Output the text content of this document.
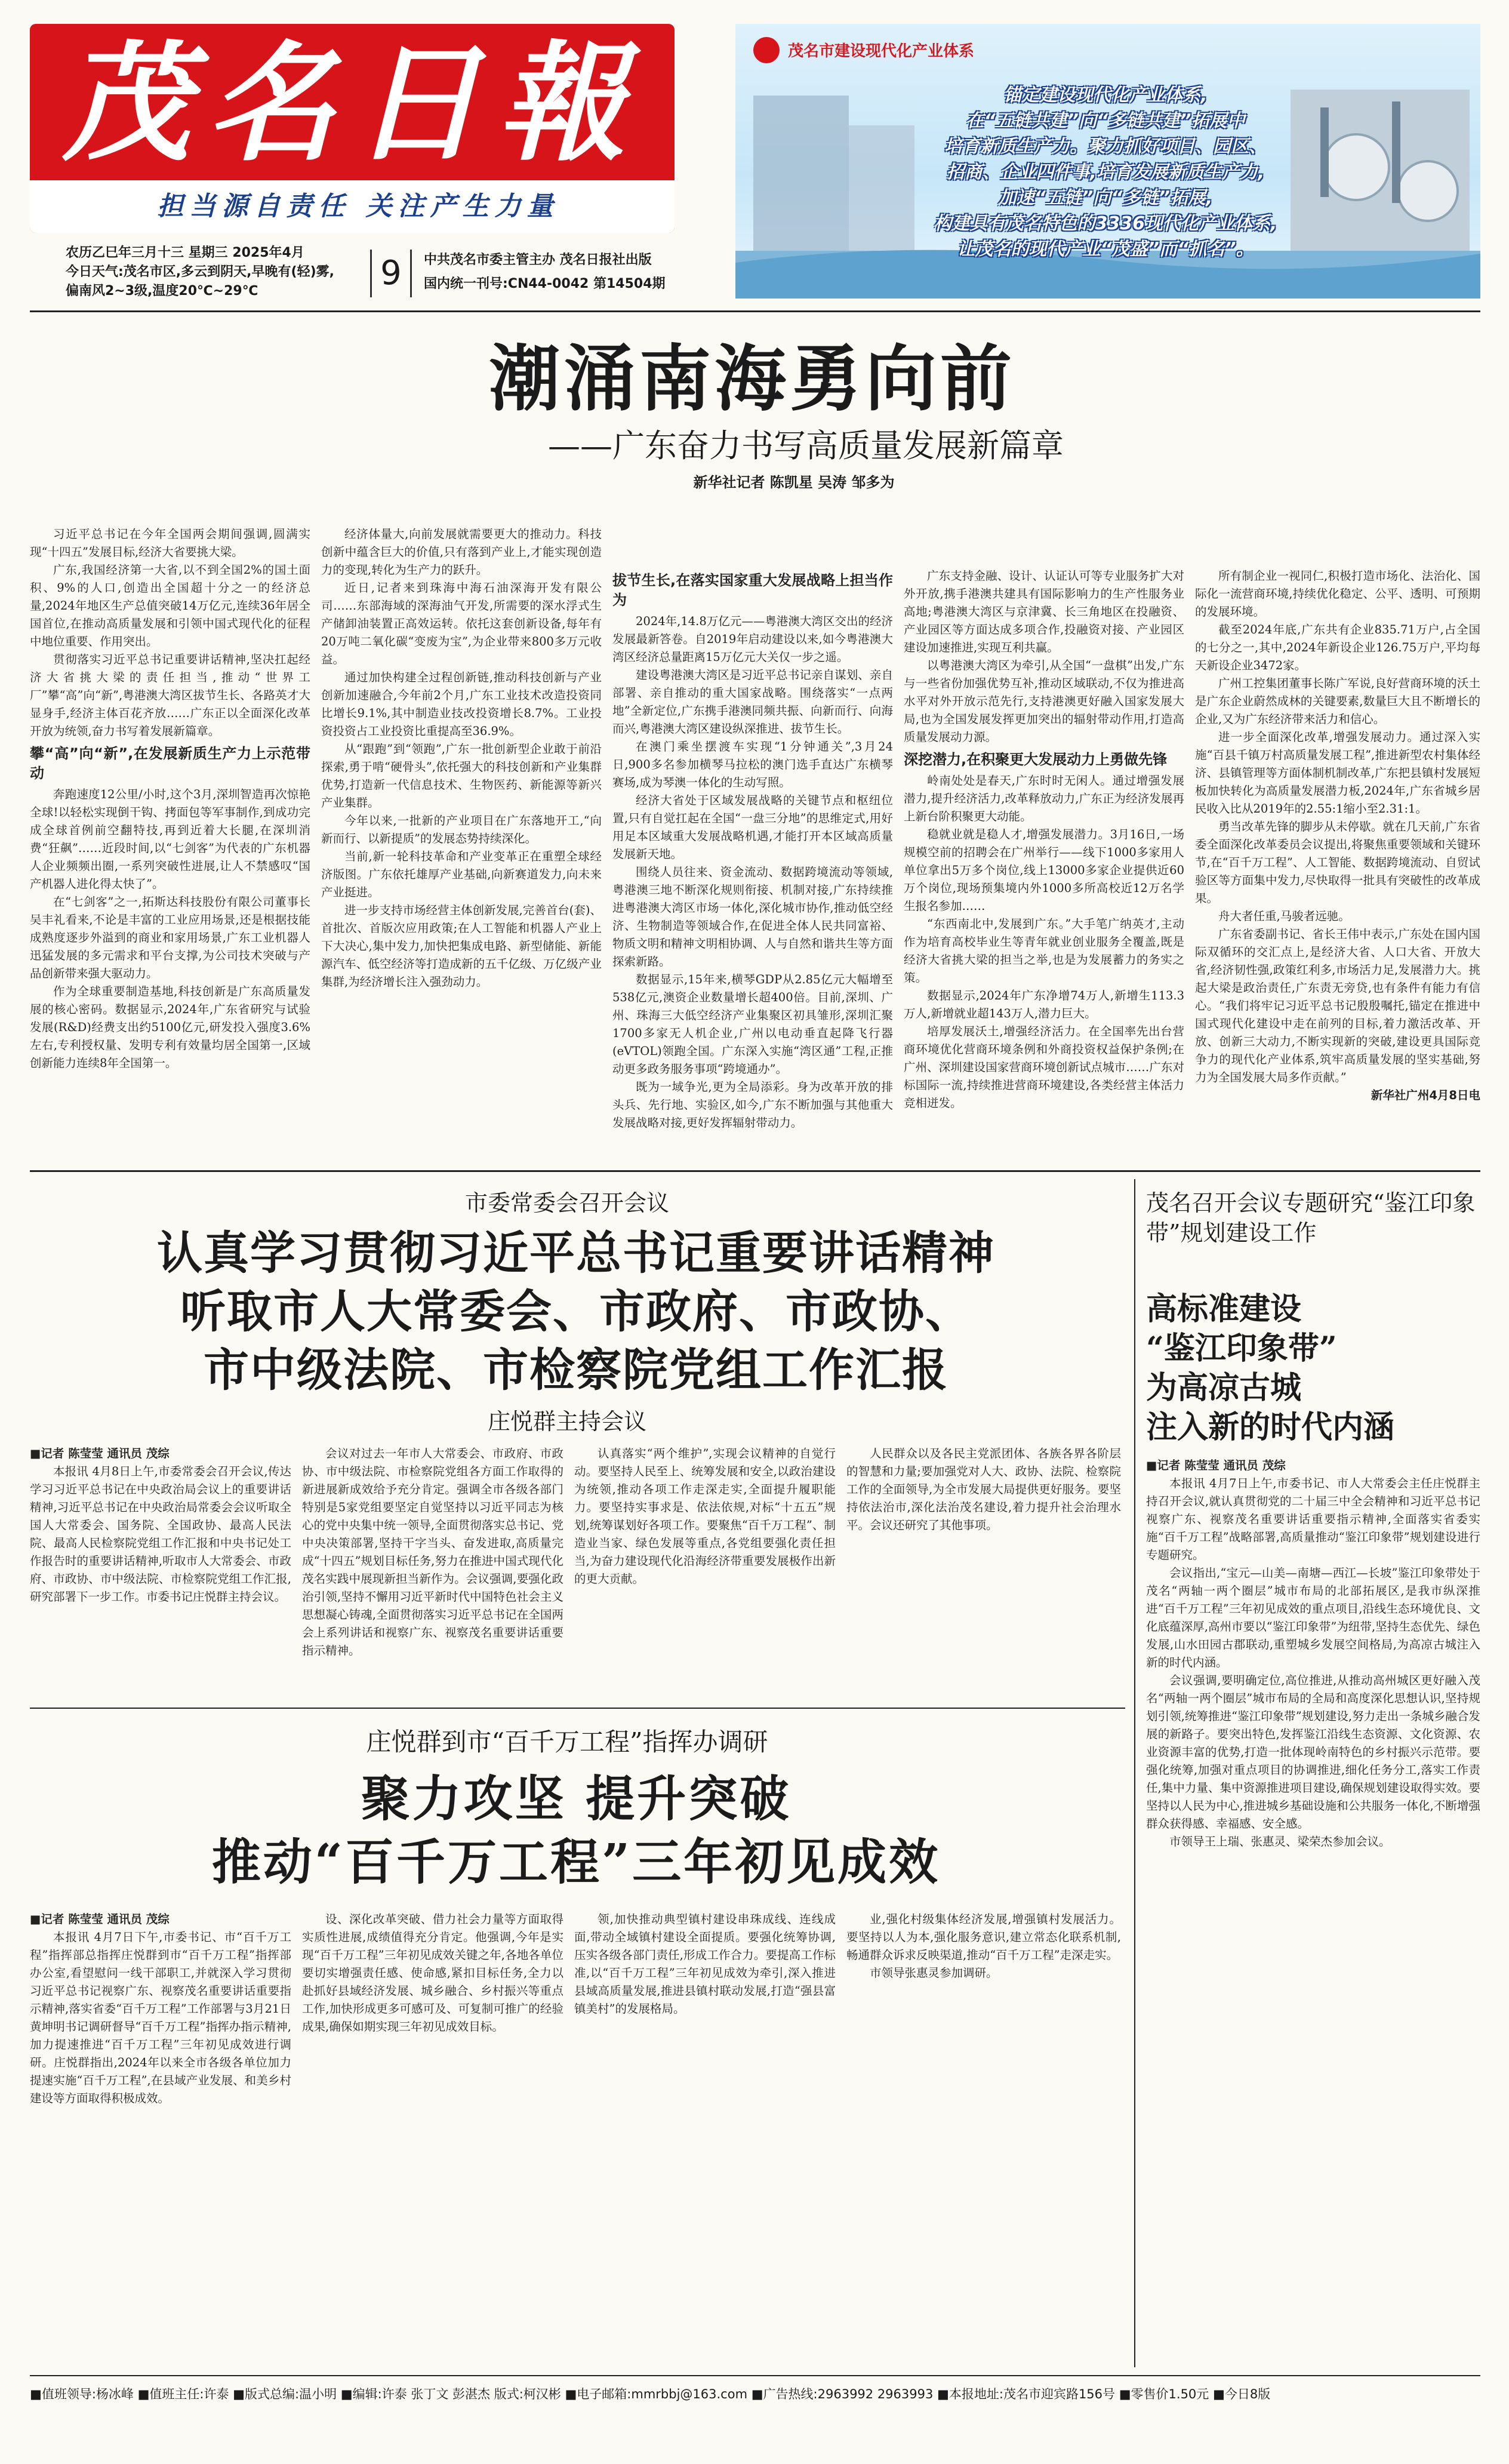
茂名日報
担当源自责任 关注产生力量
茂名市建设现代化产业体系
锚定建设现代化产业体系,
在“五链共建”向“多链共建”拓展中
培育新质生产力。聚力抓好项目、园区、
招商、企业四件事,培育发展新质生产力,
加速“五链”向“多链”拓展,
构建具有茂名特色的3336现代化产业体系,
让茂名的现代产业“茂盛”而“抓名”。
农历乙巳年三月十三 星期三 2025年4月
今日天气:茂名市区,多云到阴天,早晚有(轻)雾,
偏南风2~3级,温度20℃~29℃	9	中共茂名市委主管主办 茂名日报社出版
国内统一刊号:CN44-0042 第14504期
潮涌南海勇向前
——广东奋力书写高质量发展新篇章
新华社记者 陈凯星 吴涛 邹多为

习近平总书记在今年全国两会期间强调,圆满实现“十四五”发展目标,经济大省要挑大梁。

广东,我国经济第一大省,以不到全国2%的国土面积、9%的人口,创造出全国超十分之一的经济总量,2024年地区生产总值突破14万亿元,连续36年居全国首位,在推动高质量发展和引领中国式现代化的征程中地位重要、作用突出。

贯彻落实习近平总书记重要讲话精神,坚决扛起经济大省挑大梁的责任担当,推动“世界工厂”攀“高”向“新”,粤港澳大湾区拔节生长、各路英才大显身手,经济主体百花齐放……广东正以全面深化改革开放为统领,奋力书写着发展新篇章。

攀“高”向“新”,在发展新质生产力上示范带动

奔跑速度12公里/小时,这个3月,深圳智造再次惊艳全球!以轻松实现倒干钩、拷面包等军事制作,到成功完成全球首例前空翻特技,再到近着大长腿,在深圳消费“狂飙”……近段时间,以“七剑客”为代表的广东机器人企业频频出圈,一系列突破性进展,让人不禁感叹“国产机器人进化得太快了”。

在“七剑客”之一,拓斯达科技股份有限公司董事长吴丰礼看来,不论是丰富的工业应用场景,还是根据技能成熟度逐步外溢到的商业和家用场景,广东工业机器人迅猛发展的多元需求和平台支撑,为公司技术突破与产品创新带来强大驱动力。

作为全球重要制造基地,科技创新是广东高质量发展的核心密码。数据显示,2024年,广东省研究与试验发展(R&D)经费支出约5100亿元,研发投入强度3.6%左右,专利授权量、发明专利有效量均居全国第一,区域创新能力连续8年全国第一。

经济体量大,向前发展就需要更大的推动力。科技创新中蕴含巨大的价值,只有落到产业上,才能实现创造力的变现,转化为生产力的跃升。

近日,记者来到珠海中海石油深海开发有限公司……东部海域的深海油气开发,所需要的深水浮式生产储卸油装置正高效运转。依托这套创新设备,每年有20万吨二氧化碳“变废为宝”,为企业带来800多万元收益。

通过加快构建全过程创新链,推动科技创新与产业创新加速融合,今年前2个月,广东工业技术改造投资同比增长9.1%,其中制造业技改投资增长8.7%。工业投资投资占工业投资比重提高至36.9%。

从“跟跑”到“领跑”,广东一批创新型企业敢于前沿探索,勇于啃“硬骨头”,依托强大的科技创新和产业集群优势,打造新一代信息技术、生物医药、新能源等新兴产业集群。

今年以来,一批新的产业项目在广东落地开工,“向新而行、以新提质”的发展态势持续深化。

当前,新一轮科技革命和产业变革正在重塑全球经济版图。广东依托雄厚产业基础,向新赛道发力,向未来产业挺进。

进一步支持市场经营主体创新发展,完善首台(套)、首批次、首版次应用政策;在人工智能和机器人产业上下大决心,集中发力,加快把集成电路、新型储能、新能源汽车、低空经济等打造成新的五千亿级、万亿级产业集群,为经济增长注入强劲动力。

拔节生长,在落实国家重大发展战略上担当作为

2024年,14.8万亿元——粤港澳大湾区交出的经济发展最新答卷。自2019年启动建设以来,如今粤港澳大湾区经济总量距离15万亿元大关仅一步之遥。

建设粤港澳大湾区是习近平总书记亲自谋划、亲自部署、亲自推动的重大国家战略。围绕落实“一点两地”全新定位,广东携手港澳同频共振、向新而行、向海而兴,粤港澳大湾区建设纵深推进、拔节生长。

在澳门乘坐摆渡车实现“1分钟通关”,3月24日,900多名参加横琴马拉松的澳门选手直达广东横琴赛场,成为琴澳一体化的生动写照。

经济大省处于区域发展战略的关键节点和枢纽位置,只有自觉扛起在全国“一盘三分地”的思维定式,用好用足本区域重大发展战略机遇,才能打开本区域高质量发展新天地。

围绕人员往来、资金流动、数据跨境流动等领域,粤港澳三地不断深化规则衔接、机制对接,广东持续推进粤港澳大湾区市场一体化,深化城市协作,推动低空经济、生物制造等领域合作,在促进全体人民共同富裕、物质文明和精神文明相协调、人与自然和谐共生等方面探索新路。

数据显示,15年来,横琴GDP从2.85亿元大幅增至538亿元,澳资企业数量增长超400倍。目前,深圳、广州、珠海三大低空经济产业集聚区初具雏形,深圳汇聚1700多家无人机企业,广州以电动垂直起降飞行器(eVTOL)领跑全国。广东深入实施“湾区通”工程,正推动更多政务服务事项“跨境通办”。

既为一域争光,更为全局添彩。身为改革开放的排头兵、先行地、实验区,如今,广东不断加强与其他重大发展战略对接,更好发挥辐射带动力。

广东支持金融、设计、认证认可等专业服务扩大对外开放,携手港澳共建具有国际影响力的生产性服务业高地;粤港澳大湾区与京津冀、长三角地区在投融资、产业园区等方面达成多项合作,投融资对接、产业园区建设加速推进,实现互利共赢。

以粤港澳大湾区为牵引,从全国“一盘棋”出发,广东与一些省份加强优势互补,推动区域联动,不仅为推进高水平对外开放示范先行,支持港澳更好融入国家发展大局,也为全国发展发挥更加突出的辐射带动作用,打造高质量发展动力源。

深挖潜力,在积聚更大发展动力上勇做先锋

岭南处处是春天,广东时时无闲人。通过增强发展潜力,提升经济活力,改革释放动力,广东正为经济发展再上新台阶积聚更大动能。

稳就业就是稳人才,增强发展潜力。3月16日,一场规模空前的招聘会在广州举行——线下1000多家用人单位拿出5万多个岗位,线上13000多家企业提供近60万个岗位,现场预集境内外1000多所高校近12万名学生报名参加……

“东西南北中,发展到广东。”大手笔广纳英才,主动作为培育高校毕业生等青年就业创业服务全覆盖,既是经济大省挑大梁的担当之举,也是为发展蓄力的务实之策。

数据显示,2024年广东净增74万人,新增生113.3万人,新增就业超143万人,潜力巨大。

培厚发展沃土,增强经济活力。在全国率先出台营商环境优化营商环境条例和外商投资权益保护条例;在广州、深圳建设国家营商环境创新试点城市……广东对标国际一流,持续推进营商环境建设,各类经营主体活力竞相迸发。

所有制企业一视同仁,积极打造市场化、法治化、国际化一流营商环境,持续优化稳定、公平、透明、可预期的发展环境。

截至2024年底,广东共有企业835.71万户,占全国的七分之一,其中,2024年新设企业126.75万户,平均每天新设企业3472家。

广州工控集团董事长陈广军说,良好营商环境的沃土是广东企业蔚然成林的关键要素,数量巨大且不断增长的企业,又为广东经济带来活力和信心。

进一步全面深化改革,增强发展动力。通过深入实施“百县千镇万村高质量发展工程”,推进新型农村集体经济、县镇管理等方面体制机制改革,广东把县镇村发展短板加快转化为高质量发展潜力板,2024年,广东省城乡居民收入比从2019年的2.55:1缩小至2.31:1。

勇当改革先锋的脚步从未停歇。就在几天前,广东省委全面深化改革委员会议提出,将聚焦重要领域和关键环节,在“百千万工程”、人工智能、数据跨境流动、自贸试验区等方面集中发力,尽快取得一批具有突破性的改革成果。

舟大者任重,马骏者远驰。

广东省委副书记、省长王伟中表示,广东处在国内国际双循环的交汇点上,是经济大省、人口大省、开放大省,经济韧性强,政策红利多,市场活力足,发展潜力大。挑起大梁是政治责任,广东责无旁贷,也有条件有能力有信心。“我们将牢记习近平总书记殷殷嘱托,锚定在推进中国式现代化建设中走在前列的目标,着力激活改革、开放、创新三大动力,不断实现新的突破,建设更具国际竞争力的现代化产业体系,筑牢高质量发展的坚实基础,努力为全国发展大局多作贡献。”

新华社广州4月8日电

市委常委会召开会议
认真学习贯彻习近平总书记重要讲话精神
听取市人大常委会、市政府、市政协、
市中级法院、市检察院党组工作汇报
庄悦群主持会议

■记者 陈莹莹 通讯员 茂综

本报讯 4月8日上午,市委常委会召开会议,传达学习习近平总书记在中央政治局会议上的重要讲话精神,习近平总书记在中央政治局常委会会议听取全国人大常委会、国务院、全国政协、最高人民法院、最高人民检察院党组工作汇报和中央书记处工作报告时的重要讲话精神,听取市人大常委会、市政府、市政协、市中级法院、市检察院党组工作汇报,研究部署下一步工作。市委书记庄悦群主持会议。

会议对过去一年市人大常委会、市政府、市政协、市中级法院、市检察院党组各方面工作取得的新进展新成效给予充分肯定。强调全市各级各部门特别是5家党组要坚定自觉坚持以习近平同志为核心的党中央集中统一领导,全面贯彻落实总书记、党中央决策部署,坚持干字当头、奋发进取,高质量完成“十四五”规划目标任务,努力在推进中国式现代化茂名实践中展现新担当新作为。会议强调,要强化政治引领,坚持不懈用习近平新时代中国特色社会主义思想凝心铸魂,全面贯彻落实习近平总书记在全国两会上系列讲话和视察广东、视察茂名重要讲话重要指示精神。

认真落实“两个维护”,实现会议精神的自觉行动。要坚持人民至上、统筹发展和安全,以政治建设为统领,推动各项工作走深走实,全面提升履职能力。要坚持实事求是、依法依规,对标“十五五”规划,统筹谋划好各项工作。要聚焦“百千万工程”、制造业当家、绿色发展等重点,各党组要强化责任担当,为奋力建设现代化沿海经济带重要发展极作出新的更大贡献。

人民群众以及各民主党派团体、各族各界各阶层的智慧和力量;要加强党对人大、政协、法院、检察院工作的全面领导,为全市发展大局提供更好服务。要坚持依法治市,深化法治茂名建设,着力提升社会治理水平。会议还研究了其他事项。

茂名召开会议专题研究“鉴江印象带”规划建设工作
高标准建设
“鉴江印象带”
为高凉古城
注入新的时代内涵

■记者 陈莹莹 通讯员 茂综

本报讯 4月7日上午,市委书记、市人大常委会主任庄悦群主持召开会议,就认真贯彻党的二十届三中全会精神和习近平总书记视察广东、视察茂名重要讲话重要指示精神,全面落实省委实施“百千万工程”战略部署,高质量推动“鉴江印象带”规划建设进行专题研究。

会议指出,“宝元—山美—南塘—西江—长坡”鉴江印象带处于茂名“两轴一两个圈层”城市布局的北部拓展区,是我市纵深推进“百千万工程”三年初见成效的重点项目,沿线生态环境优良、文化底蕴深厚,高州市要以“鉴江印象带”为纽带,坚持生态优先、绿色发展,山水田园古郡联动,重塑城乡发展空间格局,为高凉古城注入新的时代内涵。

会议强调,要明确定位,高位推进,从推动高州城区更好融入茂名“两轴一两个圈层”城市布局的全局和高度深化思想认识,坚持规划引领,统筹推进“鉴江印象带”规划建设,努力走出一条城乡融合发展的新路子。要突出特色,发挥鉴江沿线生态资源、文化资源、农业资源丰富的优势,打造一批体现岭南特色的乡村振兴示范带。要强化统筹,加强对重点项目的协调推进,细化任务分工,落实工作责任,集中力量、集中资源推进项目建设,确保规划建设取得实效。要坚持以人民为中心,推进城乡基础设施和公共服务一体化,不断增强群众获得感、幸福感、安全感。

市领导王上瑞、张惠灵、梁荣杰参加会议。

庄悦群到市“百千万工程”指挥办调研
聚力攻坚 提升突破
推动“百千万工程”三年初见成效

■记者 陈莹莹 通讯员 茂综

本报讯 4月7日下午,市委书记、市“百千万工程”指挥部总指挥庄悦群到市“百千万工程”指挥部办公室,看望慰问一线干部职工,并就深入学习贯彻习近平总书记视察广东、视察茂名重要讲话重要指示精神,落实省委“百千万工程”工作部署与3月21日黄坤明书记调研督导“百千万工程”指挥办指示精神,加力提速推进“百千万工程”三年初见成效进行调研。庄悦群指出,2024年以来全市各级各单位加力提速实施“百千万工程”,在县域产业发展、和美乡村建设等方面取得积极成效。

设、深化改革突破、借力社会力量等方面取得实质性进展,成绩值得充分肯定。他强调,今年是实现“百千万工程”三年初见成效关键之年,各地各单位要切实增强责任感、使命感,紧扣目标任务,全力以赴抓好县域经济发展、城乡融合、乡村振兴等重点工作,加快形成更多可感可及、可复制可推广的经验成果,确保如期实现三年初见成效目标。

领,加快推动典型镇村建设串珠成线、连线成面,带动全域镇村建设全面提质。要强化统筹协调,压实各级各部门责任,形成工作合力。要提高工作标准,以“百千万工程”三年初见成效为牵引,深入推进县域高质量发展,推进县镇村联动发展,打造“强县富镇美村”的发展格局。

业,强化村级集体经济发展,增强镇村发展活力。要坚持以人为本,强化服务意识,建立常态化联系机制,畅通群众诉求反映渠道,推动“百千万工程”走深走实。

市领导张惠灵参加调研。

■值班领导:杨冰峰 ■值班主任:许泰 ■版式总编:温小明 ■编辑:许泰 张丁文 彭湛杰 版式:柯汉彬 ■电子邮箱:mmrbbj@163.com ■广告热线:2963992 2963993 ■本报地址:茂名市迎宾路156号 ■零售价1.50元 ■今日8版
